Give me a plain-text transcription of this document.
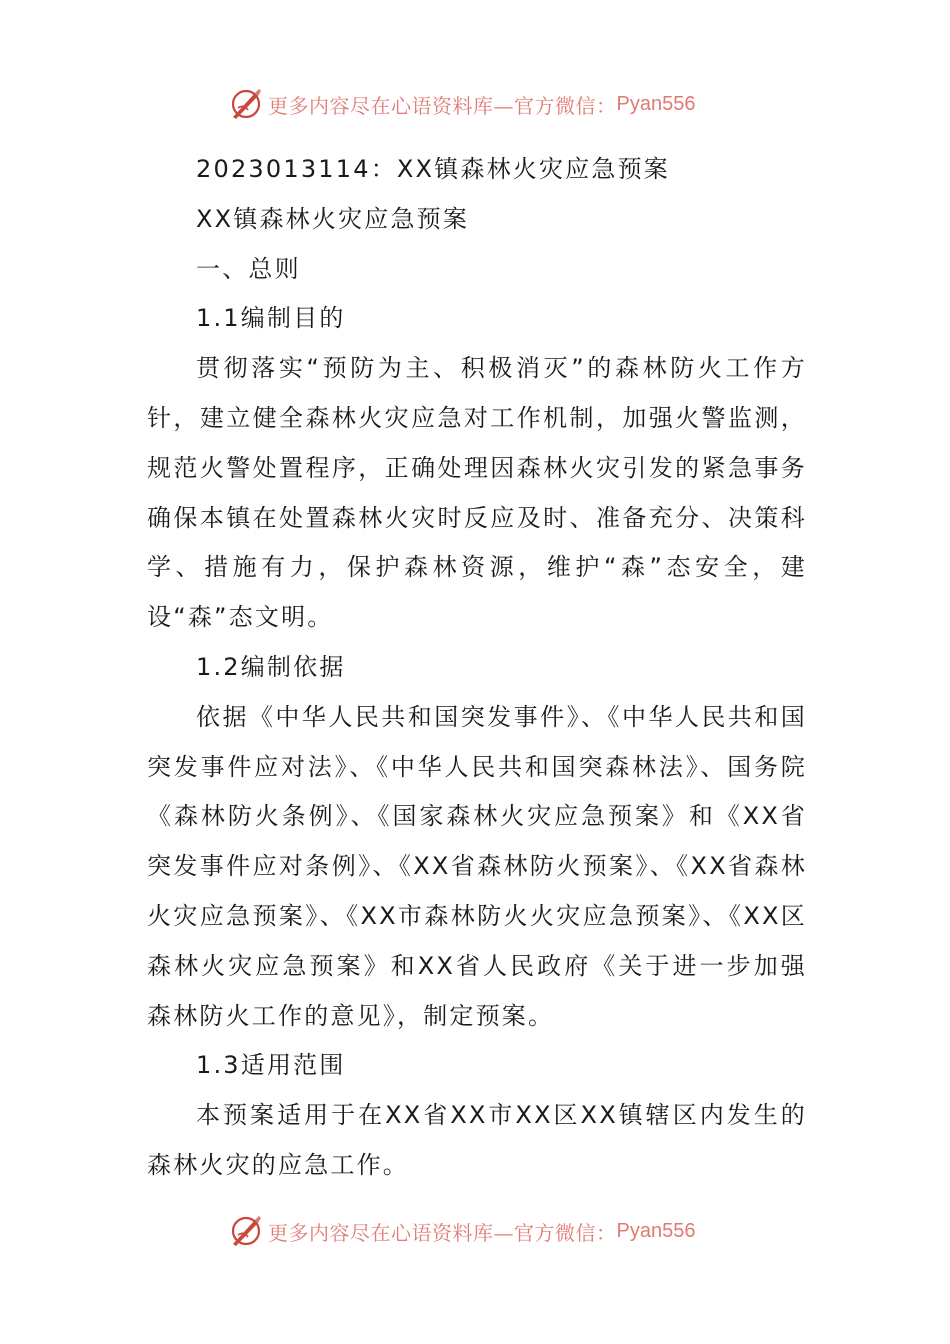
更多内容尽在心语资料库—官方微信： Pyan556

2023013114：XX镇森林火灾应急预案

XX镇森林火灾应急预案

一、总则

1.1编制目的

贯彻落实“预防为主、积极消灭”的森林防火工作方针，建立健全森林火灾应急对工作机制，加强火警监测，规范火警处置程序，正确处理因森林火灾引发的紧急事务确保本镇在处置森林火灾时反应及时、准备充分、决策科学、措施有力，保护森林资源，维护“森”态安全，建设“森”态文明。

1.2编制依据

依据《中华人民共和国突发事件》、《中华人民共和国突发事件应对法》、《中华人民共和国突森林法》、国务院《森林防火条例》、《国家森林火灾应急预案》和《XX省突发事件应对条例》、《XX省森林防火预案》、《XX省森林火灾应急预案》、《XX市森林防火火灾应急预案》、《XX区森林火灾应急预案》和XX省人民政府《关于进一步加强森林防火工作的意见》，制定预案。

1.3适用范围

本预案适用于在XX省XX市XX区XX镇辖区内发生的森林火灾的应急工作。

更多内容尽在心语资料库—官方微信： Pyan556
